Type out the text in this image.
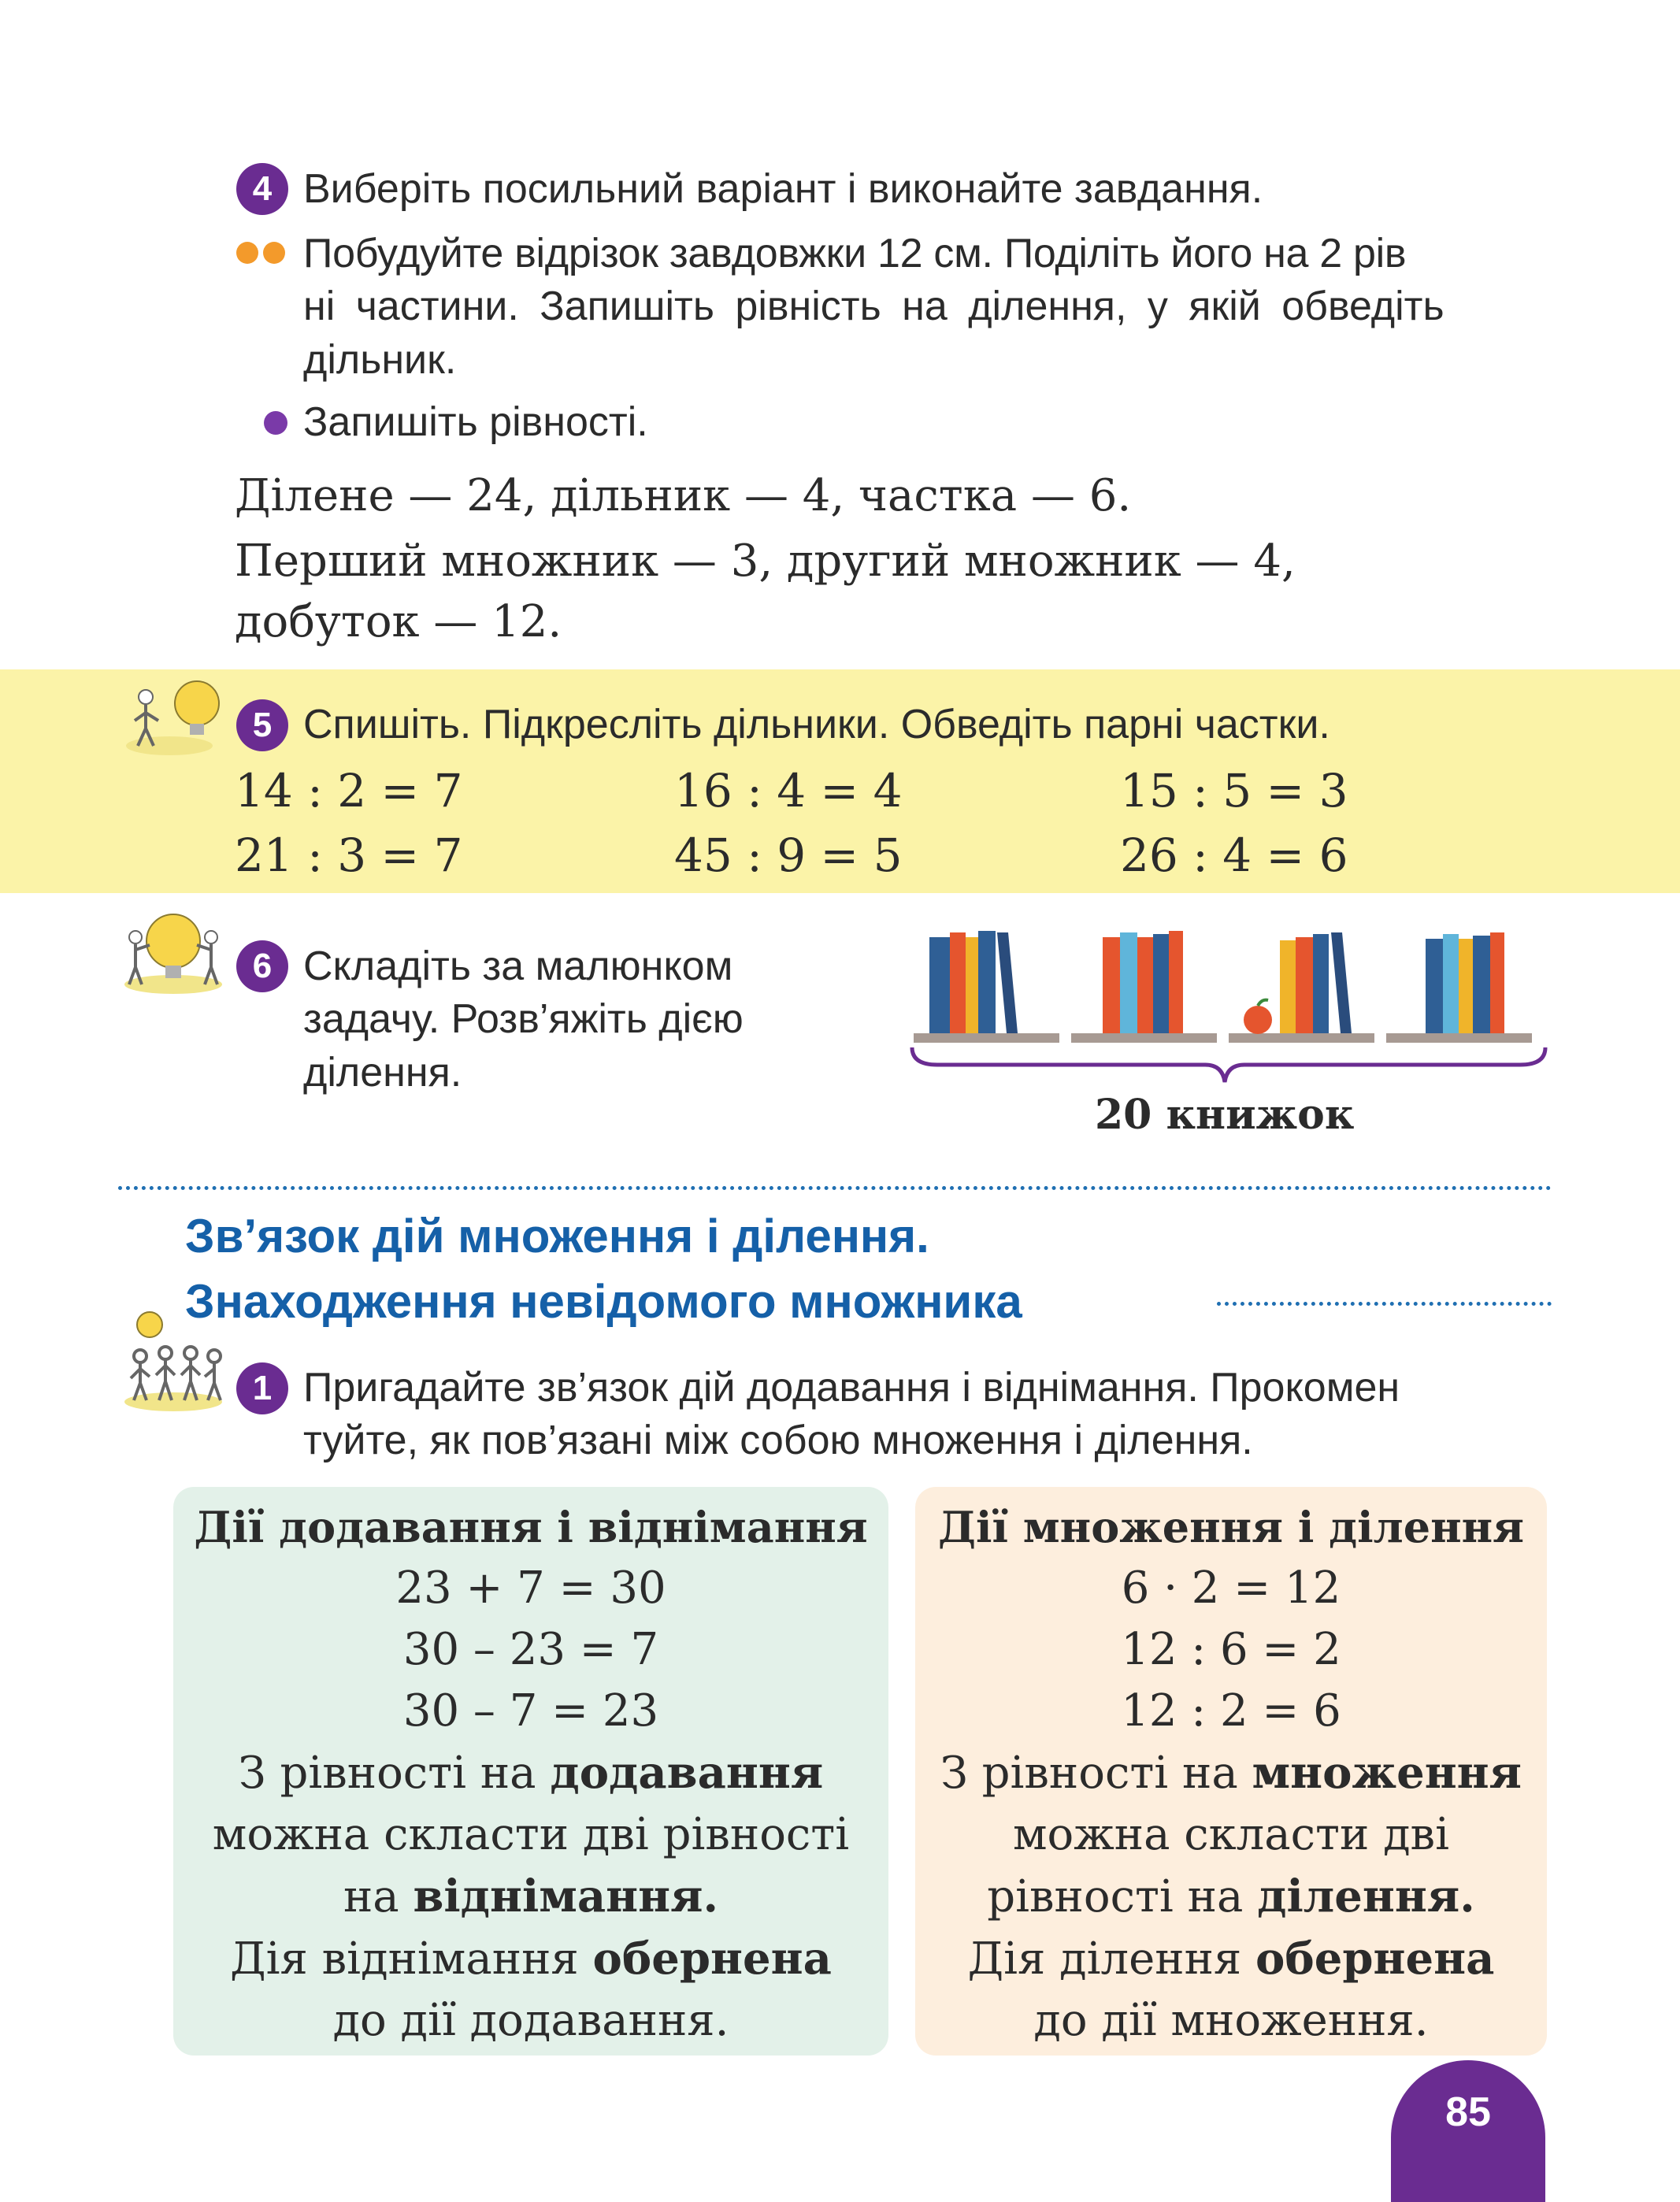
4 Виберіть посильний варіант і виконайте завдання.
Побудуйте відрізок завдовжки 12 см. Поділіть його на 2 рів
ні частини. Запишіть рівність на ділення, у якій обведіть
дільник.
Запишіть рівності.
Ділене — 24, дільник — 4, частка — 6.
Перший множник — 3, другий множник — 4,
добуток — 12.
5 Спишіть. Підкресліть дільники. Обведіть парні частки.
14 : 2 = 7	16 : 4 = 4	15 : 5 = 3
21 : 3 = 7	45 : 9 = 5	26 : 4 = 6
6 Складіть за малюнком
задачу. Розв’яжіть дією
ділення.
20 книжок
Зв’язок дій множення і ділення.
Знаходження невідомого множника
1 Пригадайте зв’язок дій додавання і віднімання. Прокомен
туйте, як пов’язані між собою множення і ділення.
Дії додавання і віднімання
23 + 7 = 30
30 – 23 = 7
30 – 7 = 23
З рівності на додавання
можна скласти дві рівності
на віднімання.
Дія віднімання обернена
до дії додавання.
Дії множення і ділення
6 · 2 = 12
12 : 6 = 2
12 : 2 = 6
З рівності на множення
можна скласти дві
рівності на ділення.
Дія ділення обернена
до дії множення.
85
